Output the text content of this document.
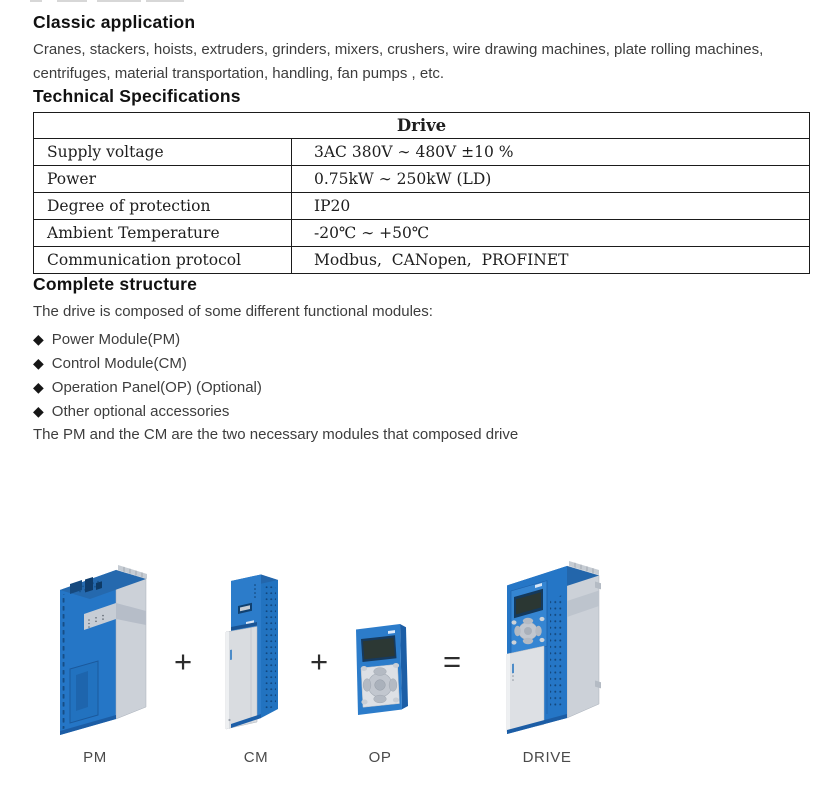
Classic application

Cranes, stackers, hoists, extruders, grinders, mixers, crushers, wire drawing machines, plate rolling machines, centrifuges, material transportation, handling, fan pumps , etc.

Technical Specifications
Drive	
Supply voltage	3AC 380V ∼ 480V ±10 %
Power	0.75kW ∼ 250kW (LD)
Degree of protection	IP20
Ambient Temperature	-20℃ ∼ +50℃
Communication protocol	Modbus,  CANopen,  PROFINET
Complete structure

The drive is composed of some different functional modules:

◆ Power Module(PM)
◆ Control Module(CM)
◆ Operation Panel(OP) (Optional)
◆ Other optional accessories

The PM and the CM are the two necessary modules that composed drive

+	+	=
PM	CM	OP	DRIVE
